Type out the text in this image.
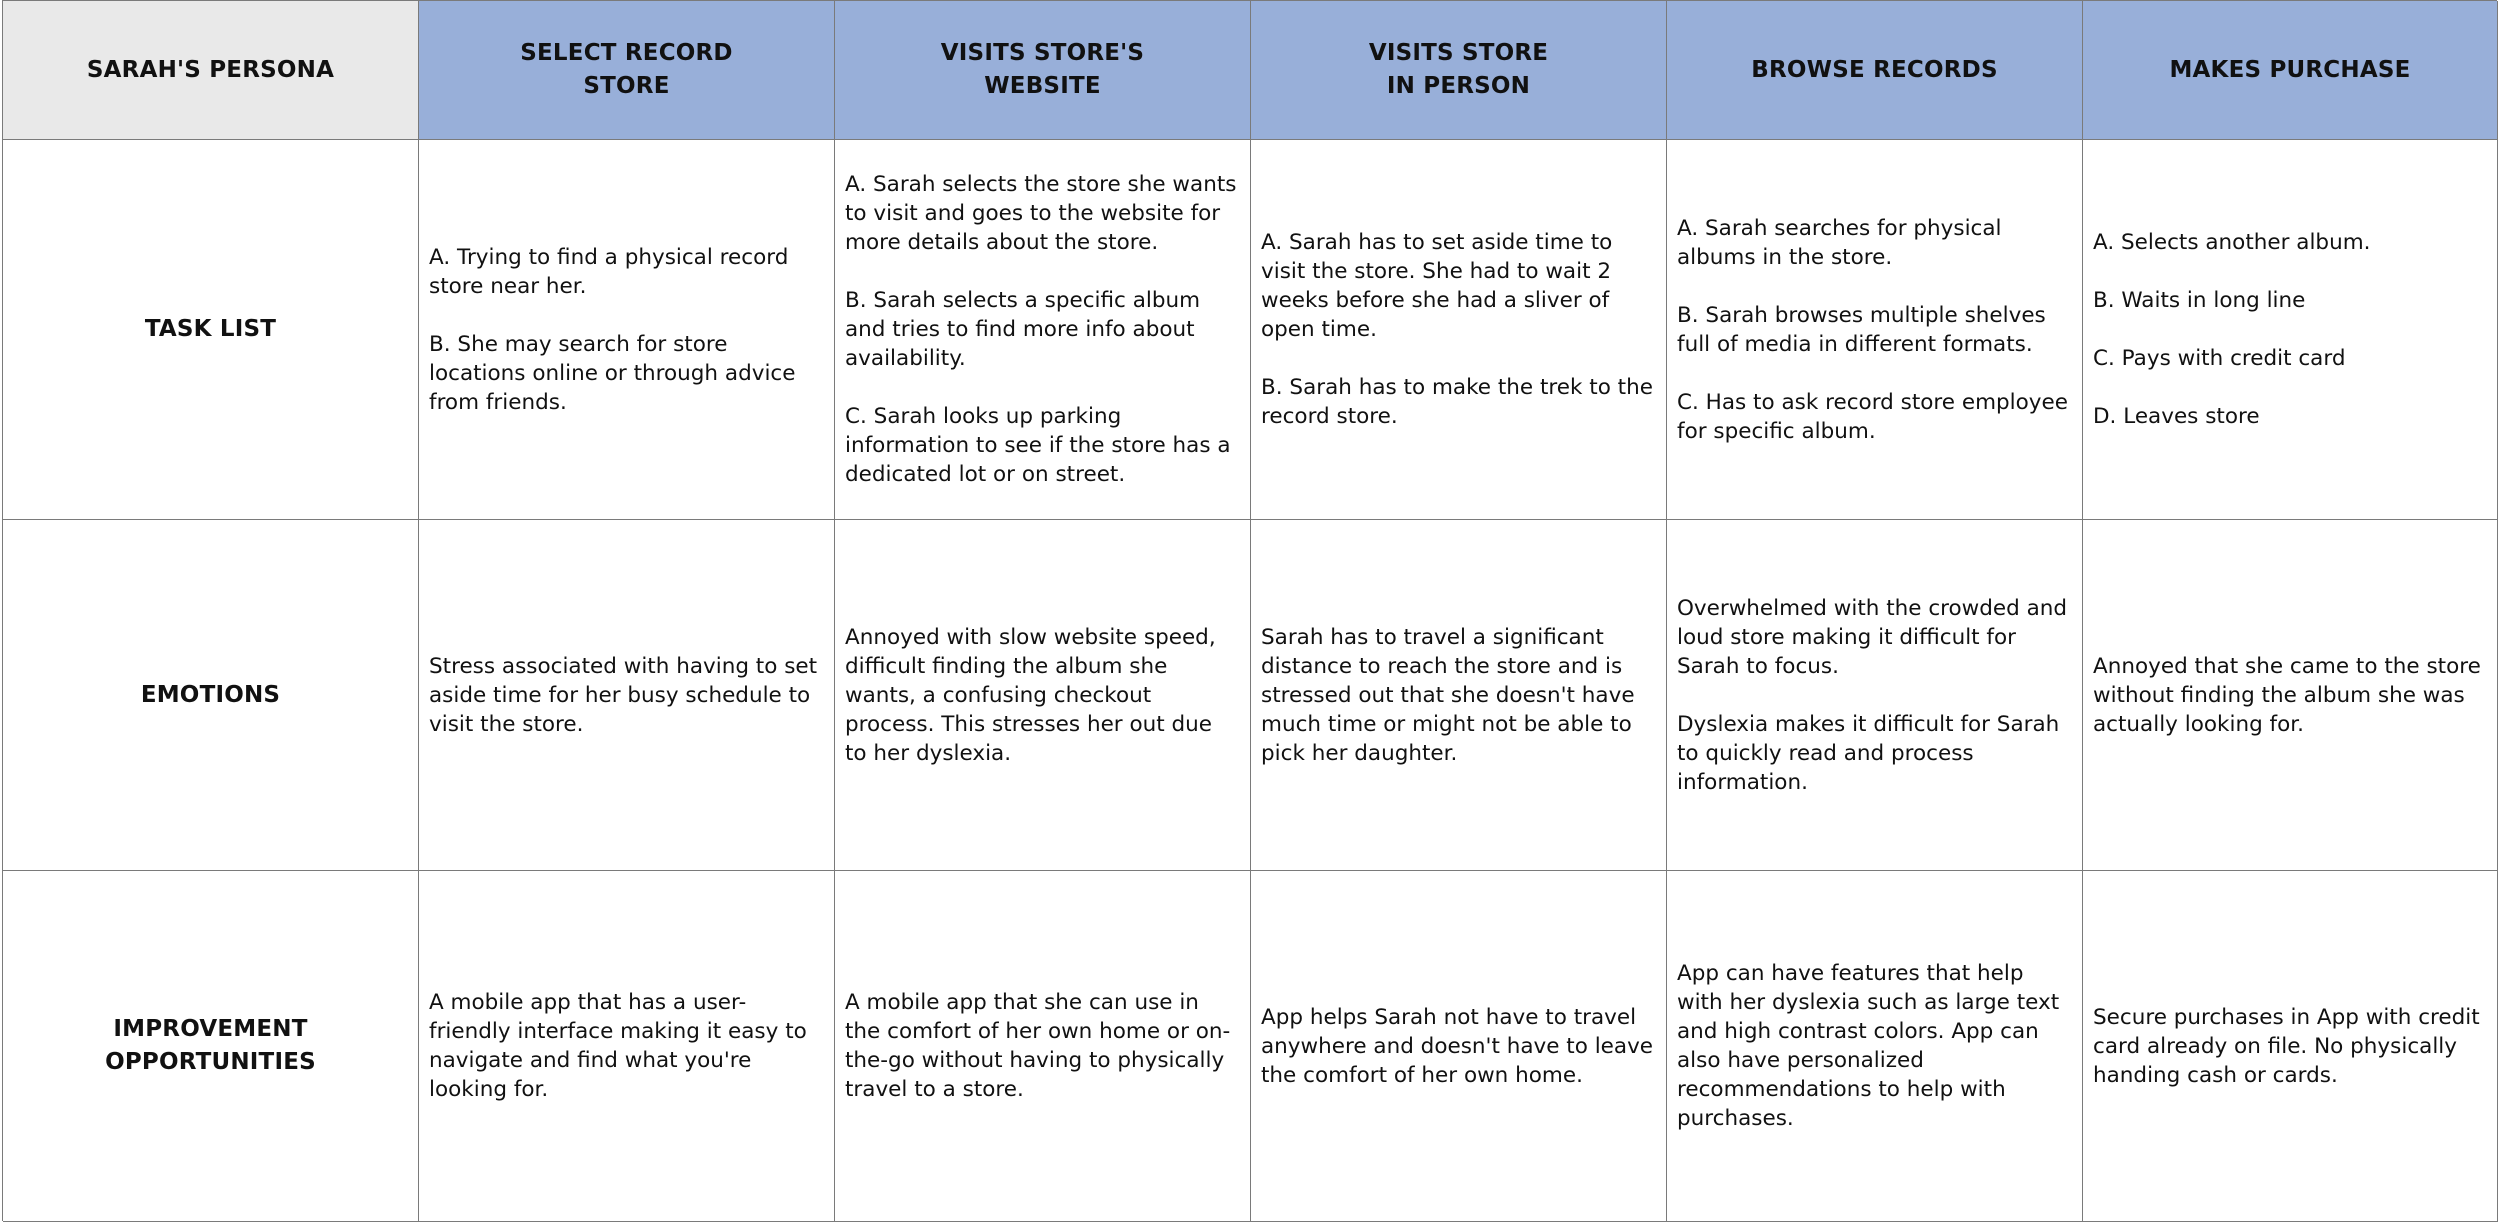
SARAH'S PERSONA
SELECT RECORD
STORE
VISITS STORE'S
WEBSITE
VISITS STORE
IN PERSON
BROWSE RECORDS	MAKES PURCHASE
TASK LIST
A. Trying to find a physical record store near her.

B. She may search for store locations online or through advice from friends.
A. Sarah selects the store she wants to visit and goes to the website for more details about the store.

B. Sarah selects a specific album and tries to find more info about availability.

C. Sarah looks up parking information to see if the store has a dedicated lot or on street.
A. Sarah has to set aside time to visit the store. She had to wait 2 weeks before she had a sliver of open time.

B. Sarah has to make the trek to the record store.
A. Sarah searches for physical albums in the store.

B. Sarah browses multiple shelves full of media in different formats.

C. Has to ask record store employee for specific album.
A. Selects another album.

B. Waits in long line

C. Pays with credit card

D. Leaves store
EMOTIONS
Stress associated with having to set aside time for her busy schedule to visit the store.
Annoyed with slow website speed, difficult finding the album she wants, a confusing checkout process. This stresses her out due to her dyslexia.
Sarah has to travel a significant distance to reach the store and is stressed out that she doesn't have much time or might not be able to pick her daughter.
Overwhelmed with the crowded and loud store making it difficult for Sarah to focus.

Dyslexia makes it difficult for Sarah to quickly read and process information.
Annoyed that she came to the store without finding the album she was actually looking for.
IMPROVEMENT
OPPORTUNITIES
A mobile app that has a user-friendly interface making it easy to navigate and find what you're looking for.
A mobile app that she can use in the comfort of her own home or on-the-go without having to physically travel to a store.
App helps Sarah not have to travel anywhere and doesn't have to leave the comfort of her own home.
App can have features that help with her dyslexia such as large text and high contrast colors. App can also have personalized recommendations to help with purchases.
Secure purchases in App with credit card already on file. No physically handing cash or cards.
